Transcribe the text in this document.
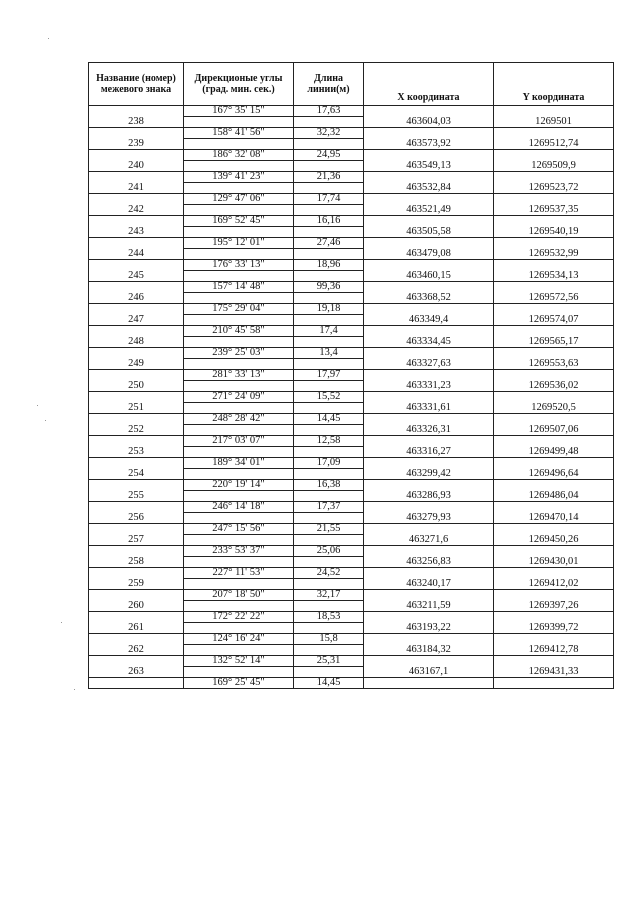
Название (номер) межевого знака	Дирекционые углы (град. мин. сек.)	Длина линии(м)	X координата	Y координата
	167° 35' 15"	17,63		
238			463604,03	1269501
	158° 41' 56"	32,32		
239			463573,92	1269512,74
	186° 32' 08"	24,95		
240			463549,13	1269509,9
	139° 41' 23"	21,36		
241			463532,84	1269523,72
	129° 47' 06"	17,74		
242			463521,49	1269537,35
	169° 52' 45"	16,16		
243			463505,58	1269540,19
	195° 12' 01"	27,46		
244			463479,08	1269532,99
	176° 33' 13"	18,96		
245			463460,15	1269534,13
	157° 14' 48"	99,36		
246			463368,52	1269572,56
	175° 29' 04"	19,18		
247			463349,4	1269574,07
	210° 45' 58"	17,4		
248			463334,45	1269565,17
	239° 25' 03"	13,4		
249			463327,63	1269553,63
	281° 33' 13"	17,97		
250			463331,23	1269536,02
	271° 24' 09"	15,52		
251			463331,61	1269520,5
	248° 28' 42"	14,45		
252			463326,31	1269507,06
	217° 03' 07"	12,58		
253			463316,27	1269499,48
	189° 34' 01"	17,09		
254			463299,42	1269496,64
	220° 19' 14"	16,38		
255			463286,93	1269486,04
	246° 14' 18"	17,37		
256			463279,93	1269470,14
	247° 15' 56"	21,55		
257			463271,6	1269450,26
	233° 53' 37"	25,06		
258			463256,83	1269430,01
	227° 11' 53"	24,52		
259			463240,17	1269412,02
	207° 18' 50"	32,17		
260			463211,59	1269397,26
	172° 22' 22"	18,53		
261			463193,22	1269399,72
	124° 16' 24"	15,8		
262			463184,32	1269412,78
	132° 52' 14"	25,31		
263			463167,1	1269431,33
	169° 25' 45"	14,45		
